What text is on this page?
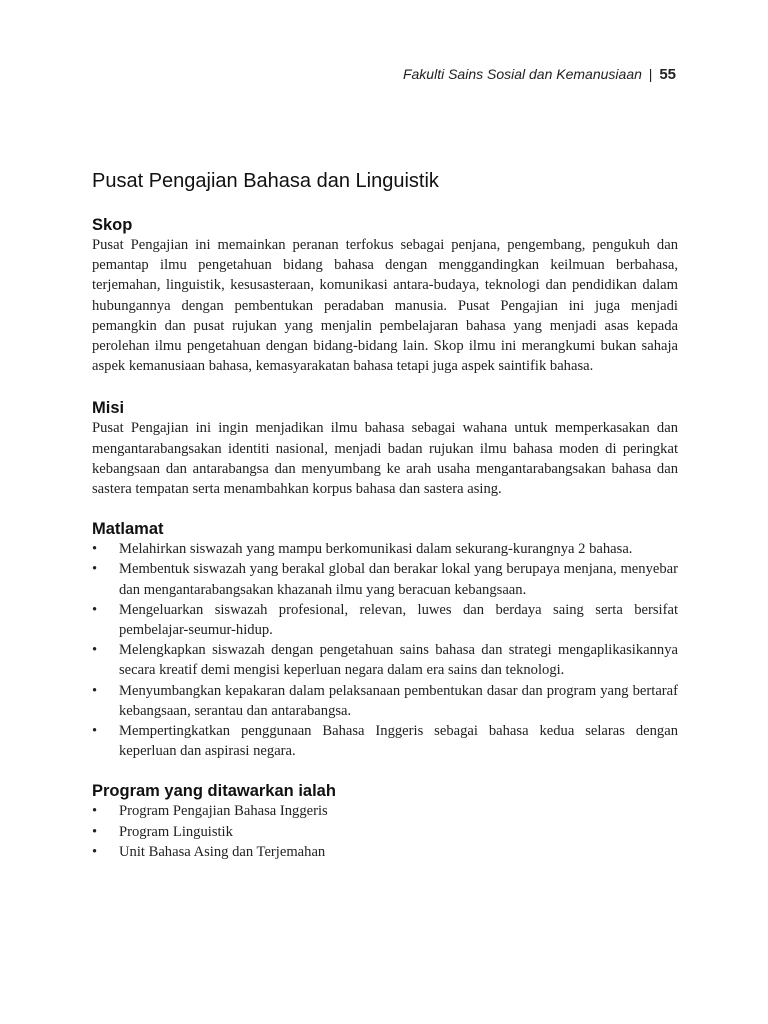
Fakulti Sains Sosial dan Kemanusiaan | 55
Pusat Pengajian Bahasa dan Linguistik
Skop

Pusat Pengajian ini memainkan peranan terfokus sebagai penjana, pengembang, pengukuh dan pemantap ilmu pengetahuan bidang bahasa dengan menggandingkan keilmuan berbahasa, terjemahan, linguistik, kesusasteraan, komunikasi antara-budaya, teknologi dan pendidikan dalam hubungannya dengan pembentukan peradaban manusia. Pusat Pengajian ini juga menjadi pemangkin dan pusat rujukan yang menjalin pembelajaran bahasa yang menjadi asas kepada perolehan ilmu pengetahuan dengan bidang-bidang lain. Skop ilmu ini merangkumi bukan sahaja aspek kemanusiaan bahasa, kemasyarakatan bahasa tetapi juga aspek saintifik bahasa.

Misi

Pusat Pengajian ini ingin menjadikan ilmu bahasa sebagai wahana untuk memperkasakan dan mengantarabangsakan identiti nasional, menjadi badan rujukan ilmu bahasa moden di peringkat kebangsaan dan antarabangsa dan menyumbang ke arah usaha mengantarabangsakan bahasa dan sastera tempatan serta menambahkan korpus bahasa dan sastera asing.

Matlamat
• Melahirkan siswazah yang mampu berkomunikasi dalam sekurang-kurangnya 2 bahasa.
• Membentuk siswazah yang berakal global dan berakar lokal yang berupaya menjana, menyebar dan mengantarabangsakan khazanah ilmu yang beracuan kebangsaan.
• Mengeluarkan siswazah profesional, relevan, luwes dan berdaya saing serta bersifat pembelajar-seumur-hidup.
• Melengkapkan siswazah dengan pengetahuan sains bahasa dan strategi mengaplikasikannya secara kreatif demi mengisi keperluan negara dalam era sains dan teknologi.
• Menyumbangkan kepakaran dalam pelaksanaan pembentukan dasar dan program yang bertaraf kebangsaan, serantau dan antarabangsa.
• Mempertingkatkan penggunaan Bahasa Inggeris sebagai bahasa kedua selaras dengan keperluan dan aspirasi negara.
Program yang ditawarkan ialah
• Program Pengajian Bahasa Inggeris
• Program Linguistik
• Unit Bahasa Asing dan Terjemahan
